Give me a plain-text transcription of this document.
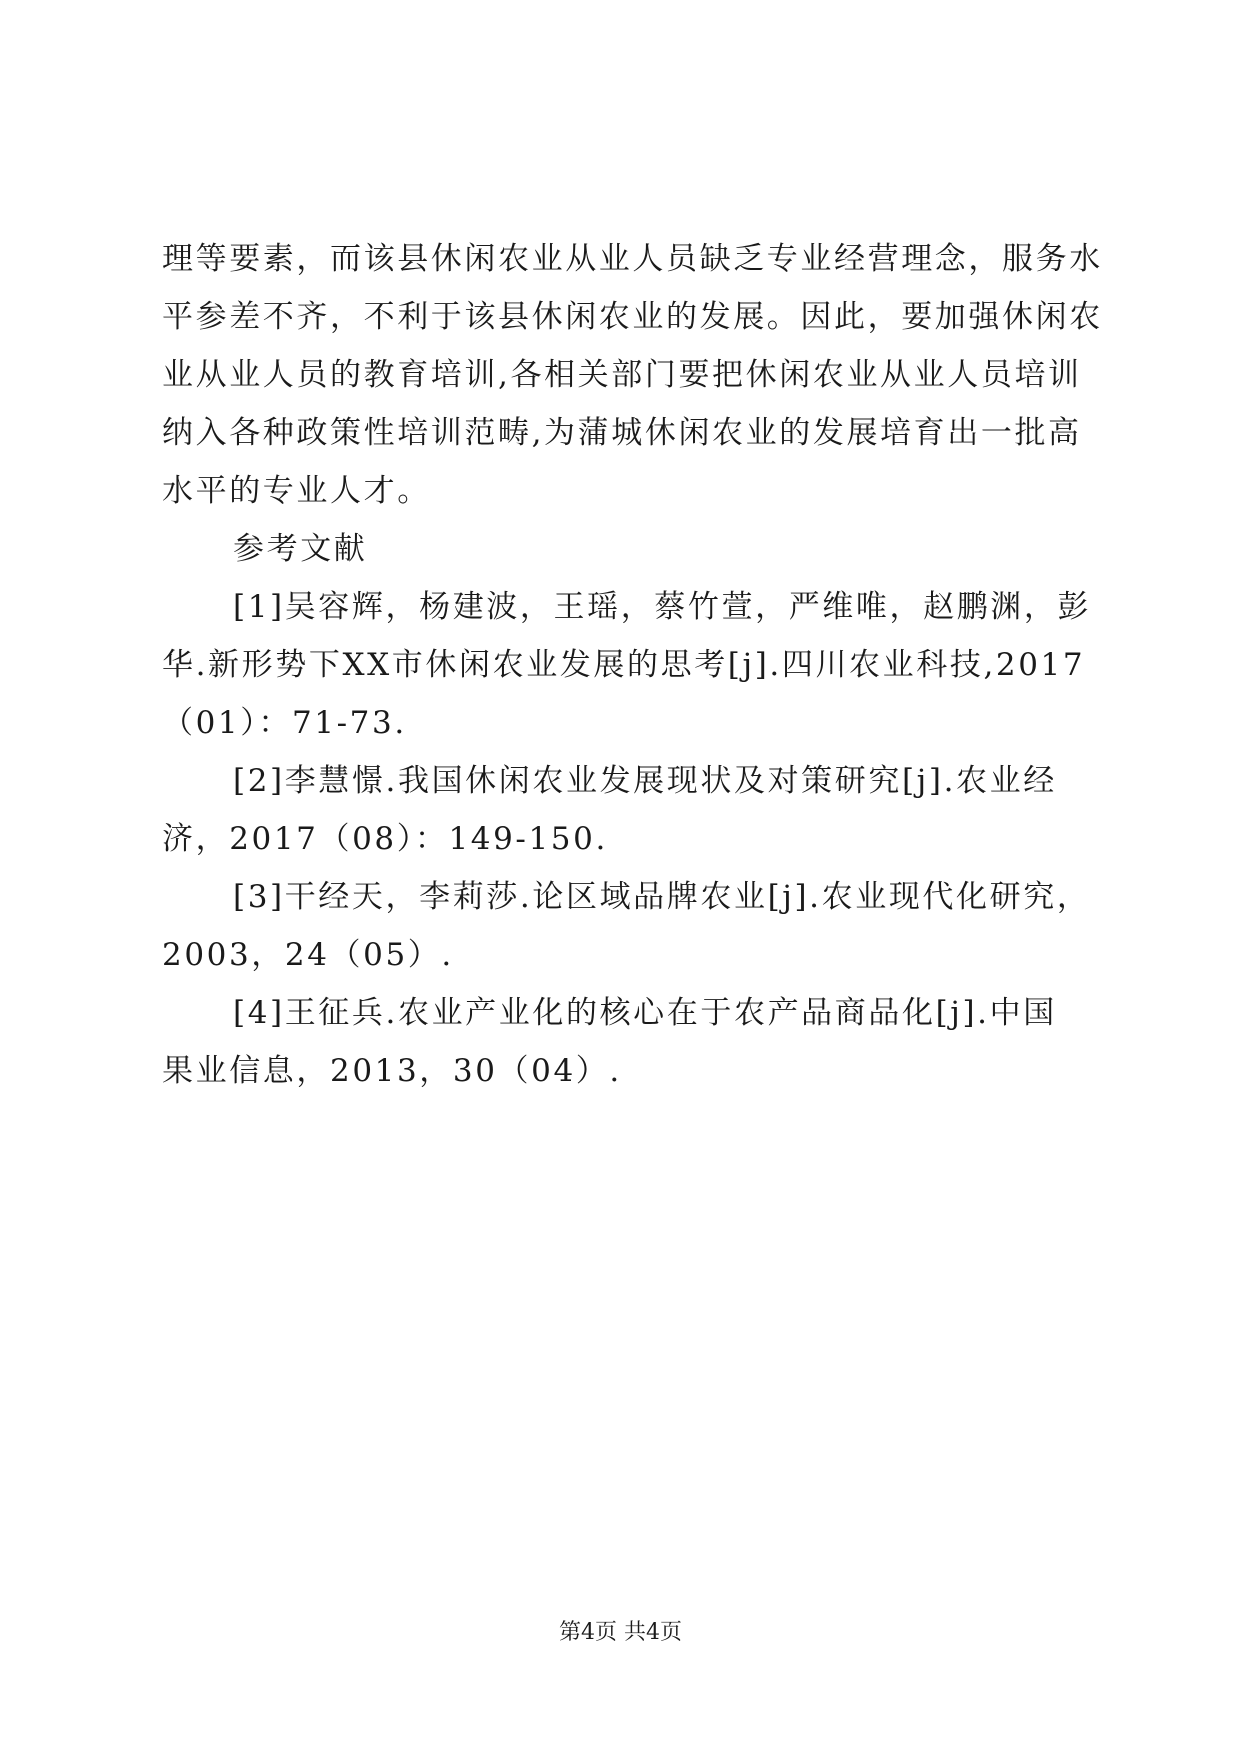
理等要素，而该县休闲农业从业人员缺乏专业经营理念，服务水
平参差不齐，不利于该县休闲农业的发展。因此，要加强休闲农
业从业人员的教育培训,各相关部门要把休闲农业从业人员培训
纳入各种政策性培训范畴,为蒲城休闲农业的发展培育出一批高
水平的专业人才。
参考文献
[1]吴容辉，杨建波，王瑶，蔡竹萱，严维唯，赵鹏渊，彭
华.新形势下XX市休闲农业发展的思考[j].四川农业科技,2017
（01）：71-73.
[2]李慧憬.我国休闲农业发展现状及对策研究[j].农业经
济，2017（08）：149-150.
[3]干经天，李莉莎.论区域品牌农业[j].农业现代化研究，
2003，24（05）.
[4]王征兵.农业产业化的核心在于农产品商品化[j].中国
果业信息，2013，30（04）.
第4页 共4页
